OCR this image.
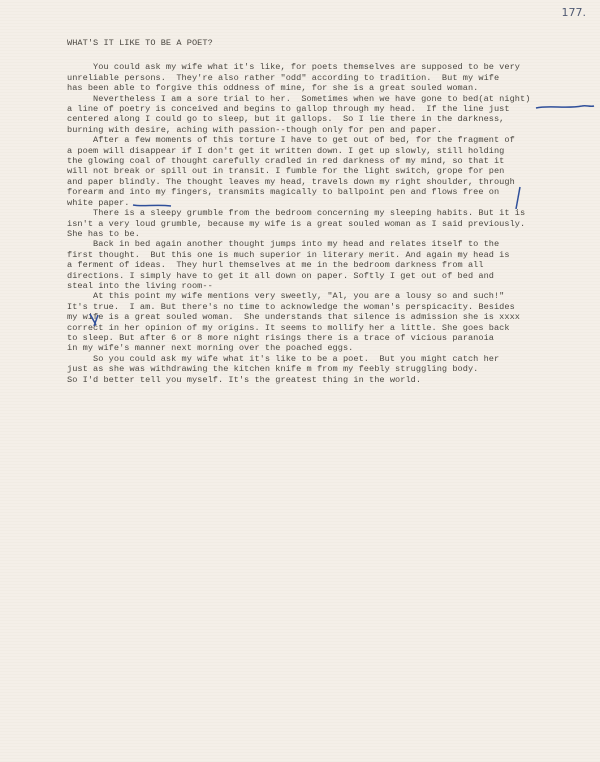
177.
WHAT'S IT LIKE TO BE A POET?
You could ask my wife what it's like, for poets themselves are supposed to be very
unreliable persons.  They're also rather "odd" according to tradition.  But my wife
has been able to forgive this oddness of mine, for she is a great souled woman.
Nevertheless I am a sore trial to her.  Sometimes when we have gone to bed(at night)
a line of poetry is conceived and begins to gallop through my head.  If the line just
centered along I could go to sleep, but it gallops.  So I lie there in the darkness,
burning with desire, aching with passion--though only for pen and paper.
After a few moments of this torture I have to get out of bed, for the fragment of
a poem will disappear if I don't get it written down. I get up slowly, still holding
the glowing coal of thought carefully cradled in red darkness of my mind, so that it
will not break or spill out in transit. I fumble for the light switch, grope for pen
and paper blindly. The thought leaves my head, travels down my right shoulder, through
forearm and into my fingers, transmits magically to ballpoint pen and flows free on
white paper.
There is a sleepy grumble from the bedroom concerning my sleeping habits. But it is
isn't a very loud grumble, because my wife is a great souled woman as I said previously.
She has to be.
Back in bed again another thought jumps into my head and relates itself to the
first thought.  But this one is much superior in literary merit. And again my head is
a ferment of ideas.  They hurl themselves at me in the bedroom darkness from all
directions. I simply have to get it all down on paper. Softly I get out of bed and
steal into the living room--
At this point my wife mentions very sweetly, "Al, you are a lousy so and such!"
It's true.  I am. But there's no time to acknowledge the woman's perspicacity. Besides
my wife is a great souled woman.  She understands that silence is admission she is xxxx
correct in her opinion of my origins. It seems to mollify her a little. She goes back
to sleep. But after 6 or 8 more night risings there is a trace of vicious paranoia
in my wife's manner next morning over the poached eggs.
So you could ask my wife what it's like to be a poet.  But you might catch her
just as she was withdrawing the kitchen knife m from my feebly struggling body.
So I'd better tell you myself. It's the greatest thing in the world.
